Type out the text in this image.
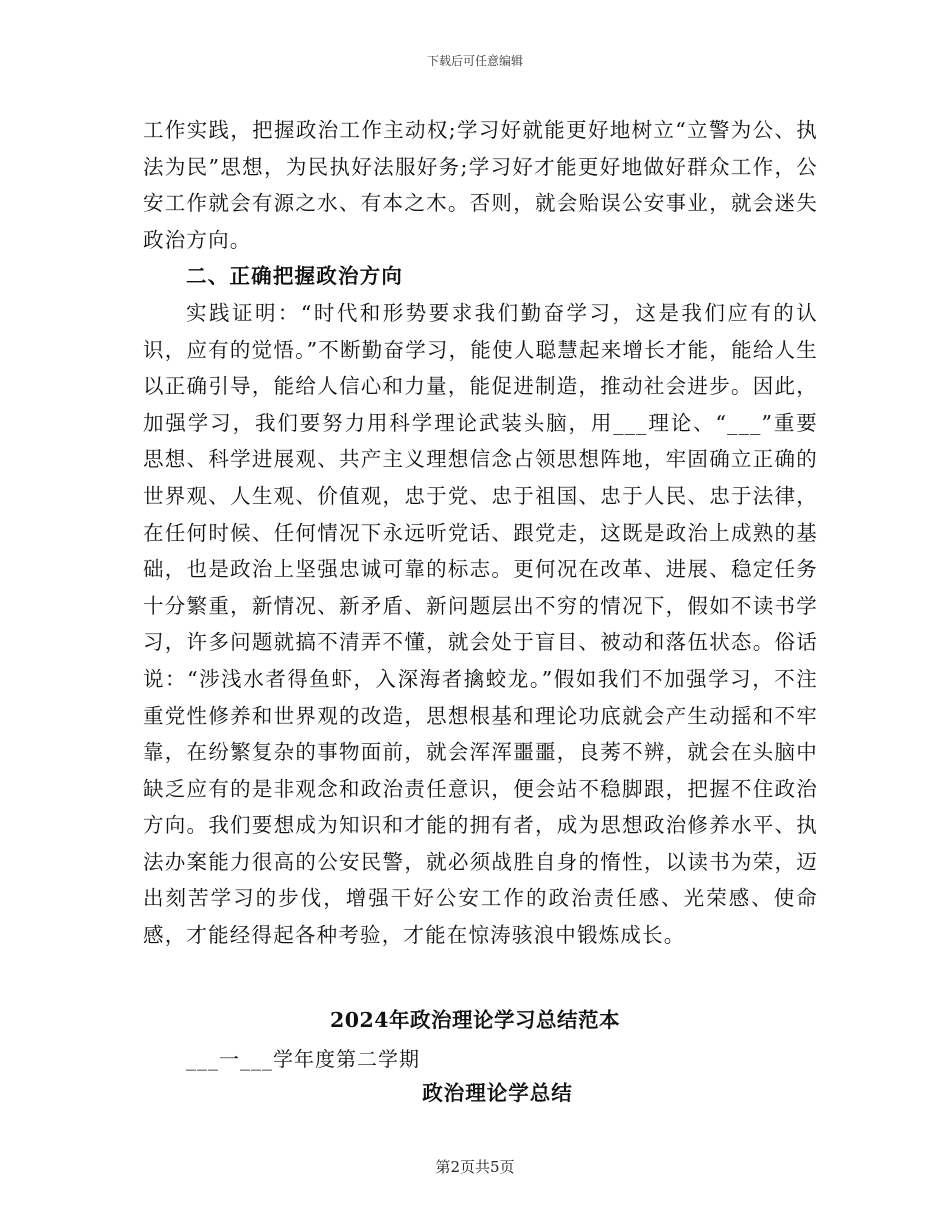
下载后可任意编辑

工作实践，把握政治工作主动权;学习好就能更好地树立“立警为公、执法为民”思想，为民执好法服好务;学习好才能更好地做好群众工作，公安工作就会有源之水、有本之木。否则，就会贻误公安事业，就会迷失政治方向。

二、正确把握政治方向

实践证明：“时代和形势要求我们勤奋学习，这是我们应有的认识，应有的觉悟。”不断勤奋学习，能使人聪慧起来增长才能，能给人生以正确引导，能给人信心和力量，能促进制造，推动社会进步。因此，加强学习，我们要努力用科学理论武装头脑，用___理论、“___”重要思想、科学进展观、共产主义理想信念占领思想阵地，牢固确立正确的世界观、人生观、价值观，忠于党、忠于祖国、忠于人民、忠于法律，在任何时候、任何情况下永远听党话、跟党走，这既是政治上成熟的基础，也是政治上坚强忠诚可靠的标志。更何况在改革、进展、稳定任务十分繁重，新情况、新矛盾、新问题层出不穷的情况下，假如不读书学习，许多问题就搞不清弄不懂，就会处于盲目、被动和落伍状态。俗话说：“涉浅水者得鱼虾，入深海者擒蛟龙。”假如我们不加强学习，不注重党性修养和世界观的改造，思想根基和理论功底就会产生动摇和不牢靠，在纷繁复杂的事物面前，就会浑浑噩噩，良莠不辨，就会在头脑中缺乏应有的是非观念和政治责任意识，便会站不稳脚跟，把握不住政治方向。我们要想成为知识和才能的拥有者，成为思想政治修养水平、执法办案能力很高的公安民警，就必须战胜自身的惰性，以读书为荣，迈出刻苦学习的步伐，增强干好公安工作的政治责任感、光荣感、使命感，才能经得起各种考验，才能在惊涛骇浪中锻炼成长。

2024年政治理论学习总结范本
___一___学年度第二学期
政治理论学总结
第2页共5页
